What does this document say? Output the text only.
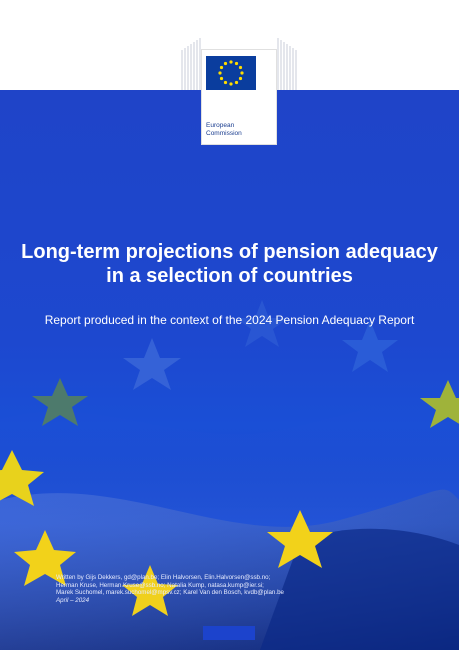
European
Commission
Long-term projections of pension adequacy in a selection of countries
Report produced in the context of the 2024 Pension Adequacy Report
Written by Gijs Dekkers, gd@plan.be; Elin Halvorsen, Elin.Halvorsen@ssb.no;
Herman Kruse, Herman.Kruse@ssb.no; Natalia Kump, natasa.kump@ier.si;
Marek Suchomel, marek.suchomel@mpsv.cz; Karel Van den Bosch, kvdb@plan.be
April – 2024
